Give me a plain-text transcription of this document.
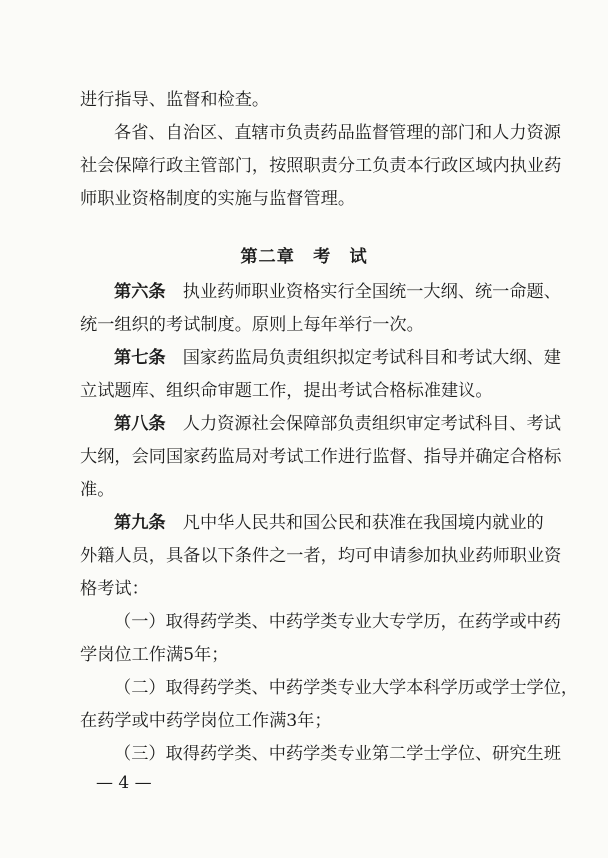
进行指导、监督和检查。
各省、自治区、直辖市负责药品监督管理的部门和人力资源
社会保障行政主管部门，按照职责分工负责本行政区域内执业药
师职业资格制度的实施与监督管理。
第二章　考　试
第六条　 执业药师职业资格实行全国统一大纲、统一命题、
统一组织的考试制度。原则上每年举行一次。
第七条　 国家药监局负责组织拟定考试科目和考试大纲、建
立试题库、组织命审题工作，提出考试合格标准建议。
第八条　 人力资源社会保障部负责组织审定考试科目、考试
大纲，会同国家药监局对考试工作进行监督、指导并确定合格标
准。
第九条　 凡中华人民共和国公民和获准在我国境内就业的
外籍人员，具备以下条件之一者，均可申请参加执业药师职业资
格考试：
（一）取得药学类、中药学类专业大专学历，在药学或中药
学岗位工作满5年；
（二）取得药学类、中药学类专业大学本科学历或学士学位，
在药学或中药学岗位工作满3年；
（三）取得药学类、中药学类专业第二学士学位、研究生班
— 4 —
